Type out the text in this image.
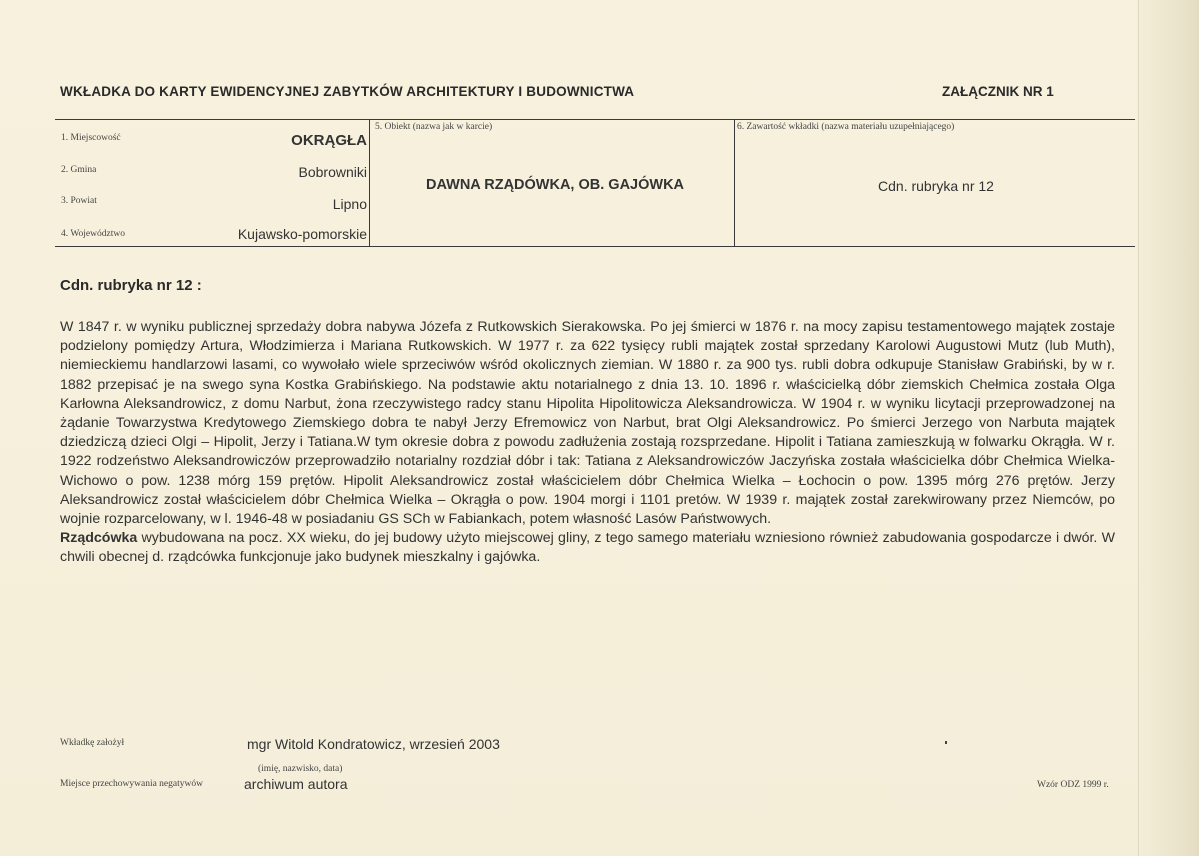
WKŁADKA DO KARTY EWIDENCYJNEJ ZABYTKÓW ARCHITEKTURY I BUDOWNICTWA	ZAŁĄCZNIK NR 1
1. Miejscowość	OKRĄGŁA
2. Gmina	Bobrowniki
3. Powiat	Lipno
4. Województwo	Kujawsko-pomorskie
5. Obiekt (nazwa jak w karcie)
DAWNA RZĄDÓWKA, OB. GAJÓWKA
6. Zawartość wkładki (nazwa materiału uzupełniającego)
Cdn. rubryka nr 12
Cdn. rubryka nr 12 :

W 1847 r. w wyniku publicznej sprzedaży dobra nabywa Józefa z Rutkowskich Sierakowska. Po jej śmierci w 1876 r. na mocy zapisu testamentowego majątek zostaje podzielony pomiędzy Artura, Włodzimierza i Mariana Rutkowskich. W 1977 r. za 622 tysięcy rubli majątek został sprzedany Karolowi Augustowi Mutz (lub Muth), niemieckiemu handlarzowi lasami, co wywołało wiele sprzeciwów wśród okolicznych ziemian. W 1880 r. za 900 tys. rubli dobra odkupuje Stanisław Grabiński, by w r. 1882 przepisać je na swego syna Kostka Grabińskiego. Na podstawie aktu notarialnego z dnia 13. 10. 1896 r. właścicielką dóbr ziemskich Chełmica została Olga Karłowna Aleksandrowicz, z domu Narbut, żona rzeczywistego radcy stanu Hipolita Hipolitowicza Aleksandrowicza. W 1904 r. w wyniku licytacji przeprowadzonej na żądanie Towarzystwa Kredytowego Ziemskiego dobra te nabył Jerzy Efremowicz von Narbut, brat Olgi Aleksandrowicz. Po śmierci Jerzego von Narbuta majątek dziedziczą dzieci Olgi – Hipolit, Jerzy i Tatiana.W tym okresie dobra z powodu zadłużenia zostają rozsprzedane. Hipolit i Tatiana zamieszkują w folwarku Okrągła. W r. 1922 rodzeństwo Aleksandrowiczów przeprowadziło notarialny rozdział dóbr i tak: Tatiana z Aleksandrowiczów Jaczyńska została właścicielka dóbr Chełmica Wielka-Wichowo o pow. 1238 mórg 159 prętów. Hipolit Aleksandrowicz został właścicielem dóbr Chełmica Wielka – Łochocin o pow. 1395 mórg 276 prętów. Jerzy Aleksandrowicz został właścicielem dóbr Chełmica Wielka – Okrągła o pow. 1904 morgi i 1101 pretów. W 1939 r. majątek został zarekwirowany przez Niemców, po wojnie rozparcelowany, w l. 1946-48 w posiadaniu GS SCh w Fabiankach, potem własność Lasów Państwowych.

Rządcówka wybudowana na pocz. XX wieku, do jej budowy użyto miejscowej gliny, z tego samego materiału wzniesiono również zabudowania gospodarcze i dwór. W chwili obecnej d. rządcówka funkcjonuje jako budynek mieszkalny i gajówka.

Wkładkę założył	mgr Witold Kondratowicz, wrzesień 2003
(imię, nazwisko, data)
Miejsce przechowywania negatywów	archiwum autora	Wzór ODZ 1999 r.
